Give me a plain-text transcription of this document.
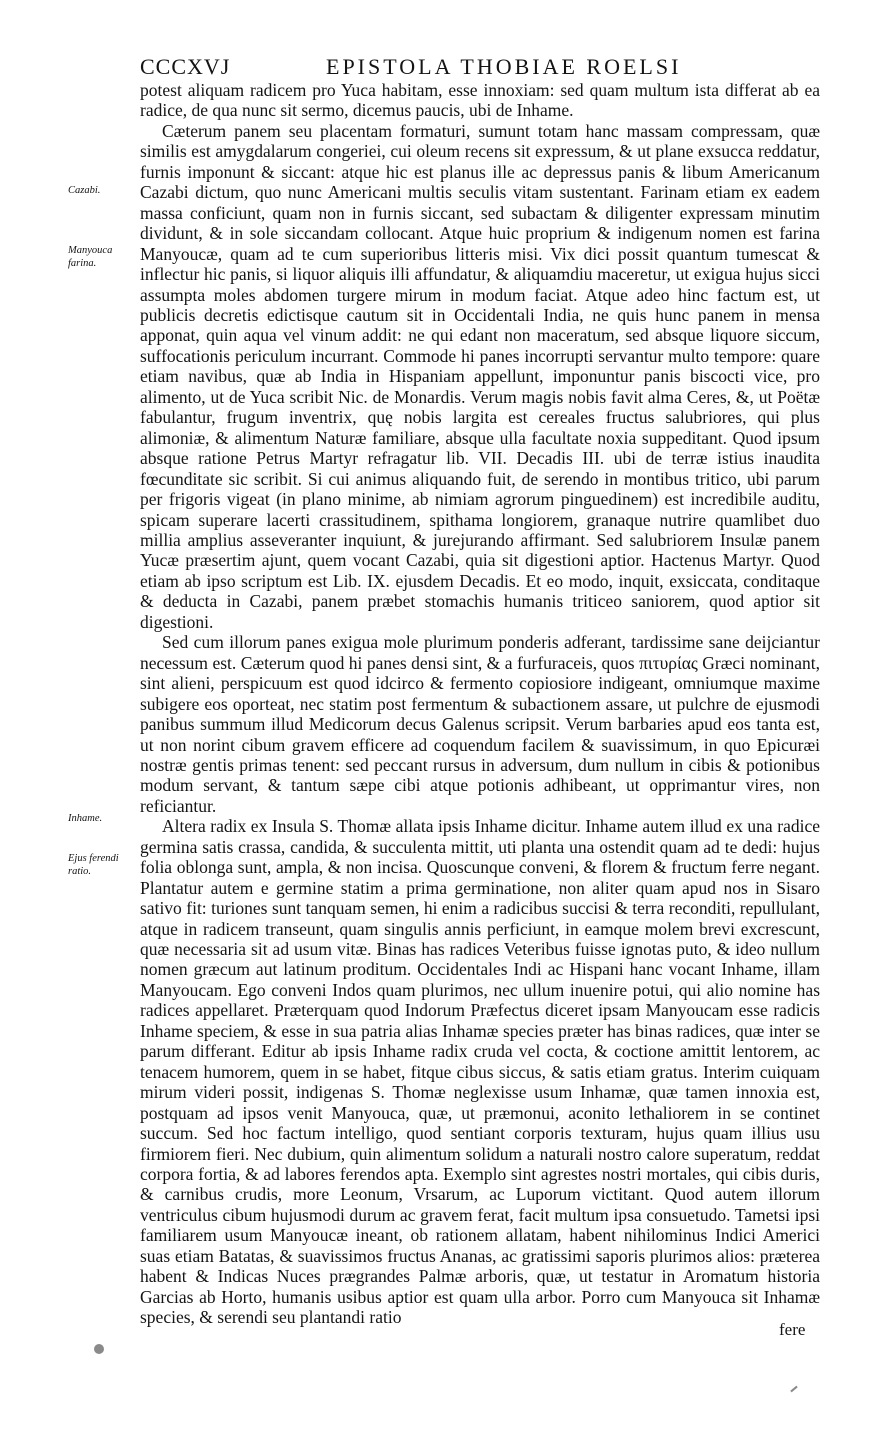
CCCXVJ	EPISTOLA THOBIAE ROELSI
Cazabi.
Manyouca farina.
Inhame.
Ejus ferendi ratio.

potest aliquam radicem pro Yuca habitam, esse innoxiam: sed quam multum ista differat ab ea radice, de qua nunc sit sermo, dicemus paucis, ubi de Inhame.

Cæterum panem seu placentam formaturi, sumunt totam hanc massam compressam, quæ similis est amygdalarum congeriei, cui oleum recens sit expressum, & ut plane exsucca reddatur, furnis imponunt & siccant: atque hic est planus ille ac depressus panis & libum Americanum Cazabi dictum, quo nunc Americani multis seculis vitam sustentant. Farinam etiam ex eadem massa conficiunt, quam non in furnis siccant, sed subactam & diligenter expressam minutim dividunt, & in sole siccandam collocant. Atque huic proprium & indigenum nomen est farina Manyoucæ, quam ad te cum superioribus litteris misi. Vix dici possit quantum tumescat & inflectur hic panis, si liquor aliquis illi affundatur, & aliquamdiu maceretur, ut exigua hujus sicci assumpta moles abdomen turgere mirum in modum faciat. Atque adeo hinc factum est, ut publicis decretis edictisque cautum sit in Occidentali India, ne quis hunc panem in mensa apponat, quin aqua vel vinum addit: ne qui edant non maceratum, sed absque liquore siccum, suffocationis periculum incurrant. Commode hi panes incorrupti servantur multo tempore: quare etiam navibus, quæ ab India in Hispaniam appellunt, imponuntur panis biscocti vice, pro alimento, ut de Yuca scribit Nic. de Monardis. Verum magis nobis favit alma Ceres, &, ut Poëtæ fabulantur, frugum inventrix, quę nobis largita est cereales fructus salubriores, qui plus alimoniæ, & alimentum Naturæ familiare, absque ulla facultate noxia suppeditant. Quod ipsum absque ratione Petrus Martyr refragatur lib. VII. Decadis III. ubi de terræ istius inaudita fœcunditate sic scribit. Si cui animus aliquando fuit, de serendo in montibus tritico, ubi parum per frigoris vigeat (in plano minime, ab nimiam agrorum pinguedinem) est incredibile auditu, spicam superare lacerti crassitudinem, spithama longiorem, granaque nutrire quamlibet duo millia amplius asseveranter inquiunt, & jurejurando affirmant. Sed salubriorem Insulæ panem Yucæ præsertim ajunt, quem vocant Cazabi, quia sit digestioni aptior. Hactenus Martyr. Quod etiam ab ipso scriptum est Lib. IX. ejusdem Decadis. Et eo modo, inquit, exsiccata, conditaque & deducta in Cazabi, panem præbet stomachis humanis triticeo saniorem, quod aptior sit digestioni.

Sed cum illorum panes exigua mole plurimum ponderis adferant, tardissime sane deijciantur necessum est. Cæterum quod hi panes densi sint, & a furfuraceis, quos πιτυρίας Græci nominant, sint alieni, perspicuum est quod idcirco & fermento copiosiore indigeant, omniumque maxime subigere eos oporteat, nec statim post fermentum & subactionem assare, ut pulchre de ejusmodi panibus summum illud Medicorum decus Galenus scripsit. Verum barbaries apud eos tanta est, ut non norint cibum gravem efficere ad coquendum facilem & suavissimum, in quo Epicuræi nostræ gentis primas tenent: sed peccant rursus in adversum, dum nullum in cibis & potionibus modum servant, & tantum sæpe cibi atque potionis adhibeant, ut opprimantur vires, non reficiantur.

Altera radix ex Insula S. Thomæ allata ipsis Inhame dicitur. Inhame autem illud ex una radice germina satis crassa, candida, & succulenta mittit, uti planta una ostendit quam ad te dedi: hujus folia oblonga sunt, ampla, & non incisa. Quoscunque conveni, & florem & fructum ferre negant. Plantatur autem e germine statim a prima germinatione, non aliter quam apud nos in Sisaro sativo fit: turiones sunt tanquam semen, hi enim a radicibus succisi & terra reconditi, repullulant, atque in radicem transeunt, quam singulis annis perficiunt, in eamque molem brevi excrescunt, quæ necessaria sit ad usum vitæ. Binas has radices Veteribus fuisse ignotas puto, & ideo nullum nomen græcum aut latinum proditum. Occidentales Indi ac Hispani hanc vocant Inhame, illam Manyoucam. Ego conveni Indos quam plurimos, nec ullum inuenire potui, qui alio nomine has radices appellaret. Præterquam quod Indorum Præfectus diceret ipsam Manyoucam esse radicis Inhame speciem, & esse in sua patria alias Inhamæ species præter has binas radices, quæ inter se parum differant. Editur ab ipsis Inhame radix cruda vel cocta, & coctione amittit lentorem, ac tenacem humorem, quem in se habet, fitque cibus siccus, & satis etiam gratus. Interim cuiquam mirum videri possit, indigenas S. Thomæ neglexisse usum Inhamæ, quæ tamen innoxia est, postquam ad ipsos venit Manyouca, quæ, ut præmonui, aconito lethaliorem in se continet succum. Sed hoc factum intelligo, quod sentiant corporis texturam, hujus quam illius usu firmiorem fieri. Nec dubium, quin alimentum solidum a naturali nostro calore superatum, reddat corpora fortia, & ad labores ferendos apta. Exemplo sint agrestes nostri mortales, qui cibis duris, & carnibus crudis, more Leonum, Vrsarum, ac Luporum victitant. Quod autem illorum ventriculus cibum hujusmodi durum ac gravem ferat, facit multum ipsa consuetudo. Tametsi ipsi familiarem usum Manyoucæ ineant, ob rationem allatam, habent nihilominus Indici Americi suas etiam Batatas, & suavissimos fructus Ananas, ac gratissimi saporis plurimos alios: præterea habent & Indicas Nuces prægrandes Palmæ arboris, quæ, ut testatur in Aromatum historia Garcias ab Horto, humanis usibus aptior est quam ulla arbor. Porro cum Manyouca sit Inhamæ species, & serendi seu plantandi ratio

fere
